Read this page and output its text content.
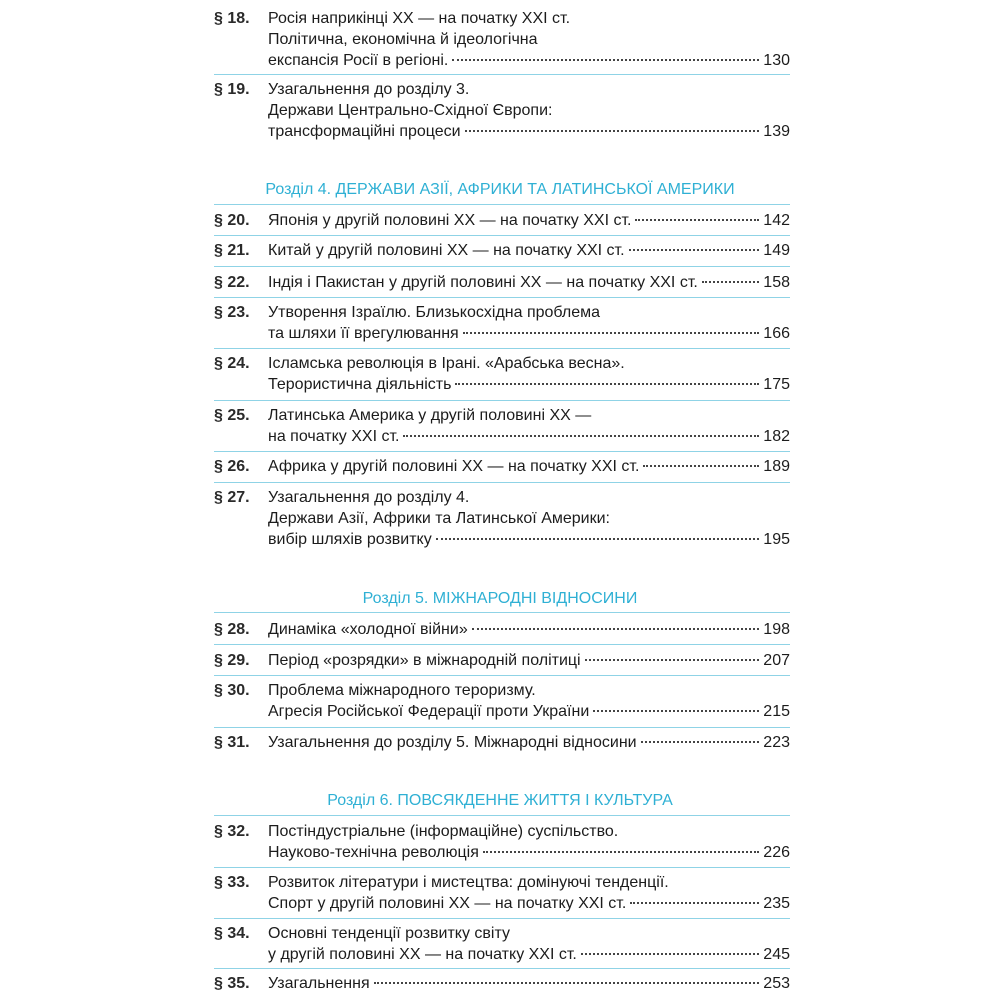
§ 18.	Росія наприкінці ХХ — на початку ХХІ ст.
Політична, економічна й ідеологічна
експансія Росії в регіоні.	130
§ 19.	Узагальнення до розділу 3.
Держави Центрально-Східної Європи:
трансформаційні процеси	139
Розділ 4. ДЕРЖАВИ АЗІЇ, АФРИКИ ТА ЛАТИНСЬКОЇ АМЕРИКИ
§ 20.	Японія у другій половині ХХ — на початку ХХІ ст.	142
§ 21.	Китай у другій половині ХХ — на початку ХХІ ст.	149
§ 22.	Індія і Пакистан у другій половині ХХ — на початку ХХІ ст.	158
§ 23.	Утворення Ізраїлю. Близькосхідна проблема
та шляхи її врегулювання	166
§ 24.	Ісламська революція в Ірані. «Арабська весна».
Терористична діяльність	175
§ 25.	Латинська Америка у другій половині ХХ —
на початку ХХІ ст.	182
§ 26.	Африка у другій половині ХХ — на початку ХХІ ст.	189
§ 27.	Узагальнення до розділу 4.
Держави Азії, Африки та Латинської Америки:
вибір шляхів розвитку	195
Розділ 5. МІЖНАРОДНІ ВІДНОСИНИ
§ 28.	Динаміка «холодної війни»	198
§ 29.	Період «розрядки» в міжнародній політиці	207
§ 30.	Проблема міжнародного тероризму.
Агресія Російської Федерації проти України	215
§ 31.	Узагальнення до розділу 5. Міжнародні відносини	223
Розділ 6. ПОВСЯКДЕННЕ ЖИТТЯ І КУЛЬТУРА
§ 32.	Постіндустріальне (інформаційне) суспільство.
Науково-технічна революція	226
§ 33.	Розвиток літератури і мистецтва: домінуючі тенденції.
Спорт у другій половині ХХ — на початку ХХІ ст.	235
§ 34.	Основні тенденції розвитку світу
у другій половині ХХ — на початку ХХІ ст.	245
§ 35.	Узагальнення	253
